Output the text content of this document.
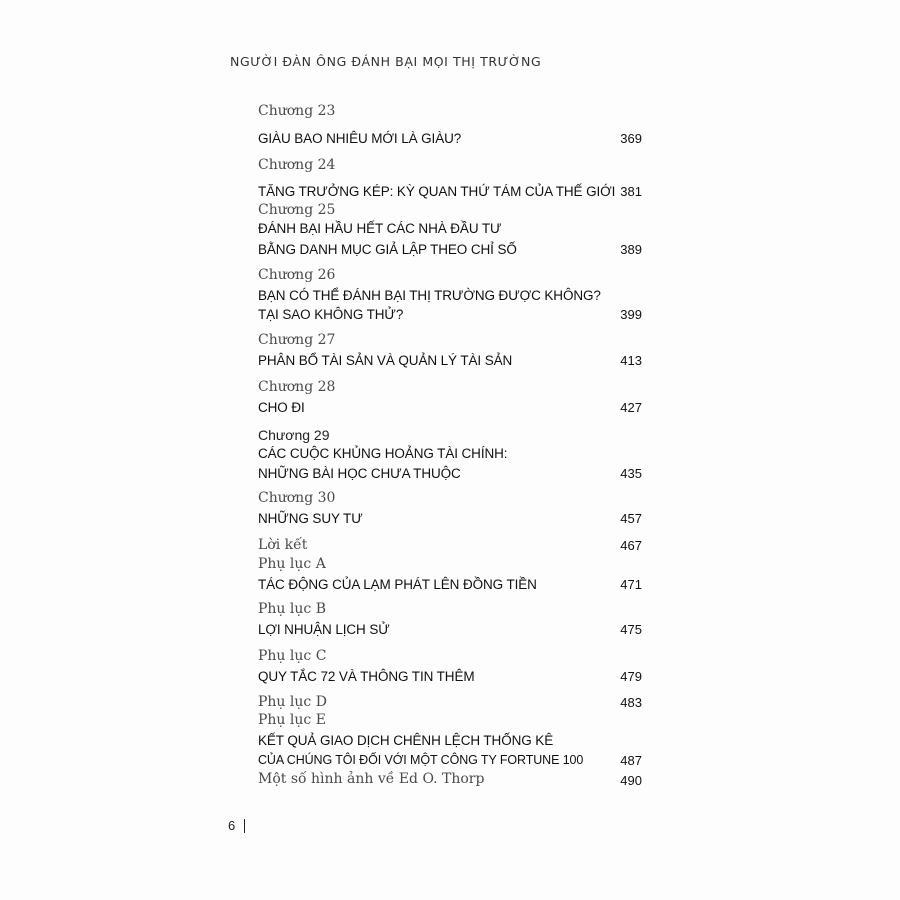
NGƯỜI ĐÀN ÔNG ĐÁNH BẠI MỌI THỊ TRƯỜNG
Chương 23
GIÀU BAO NHIÊU MỚI LÀ GIÀU?	369
Chương 24
TĂNG TRƯỞNG KÉP: KỲ QUAN THỨ TÁM CỦA THẾ GIỚI 381
Chương 25
ĐÁNH BẠI HẦU HẾT CÁC NHÀ ĐẦU TƯ
BẰNG DANH MỤC GIẢ LẬP THEO CHỈ SỐ	389
Chương 26
BẠN CÓ THỂ ĐÁNH BẠI THỊ TRƯỜNG ĐƯỢC KHÔNG?
TẠI SAO KHÔNG THỬ?	399
Chương 27
PHÂN BỔ TÀI SẢN VÀ QUẢN LÝ TÀI SẢN	413
Chương 28
CHO ĐI	427
Chương 29
CÁC CUỘC KHỦNG HOẢNG TÀI CHÍNH:
NHỮNG BÀI HỌC CHƯA THUỘC	435
Chương 30
NHỮNG SUY TƯ	457
Lời kết	467
Phụ lục A
TÁC ĐỘNG CỦA LẠM PHÁT LÊN ĐỒNG TIỀN	471
Phụ lục B
LỢI NHUẬN LỊCH SỬ	475
Phụ lục C
QUY TẮC 72 VÀ THÔNG TIN THÊM	479
Phụ lục D	483
Phụ lục E
KẾT QUẢ GIAO DỊCH CHÊNH LỆCH THỐNG KÊ
CỦA CHÚNG TÔI ĐỐI VỚI MỘT CÔNG TY FORTUNE 100	487
Một số hình ảnh về Ed O. Thorp	490
6
